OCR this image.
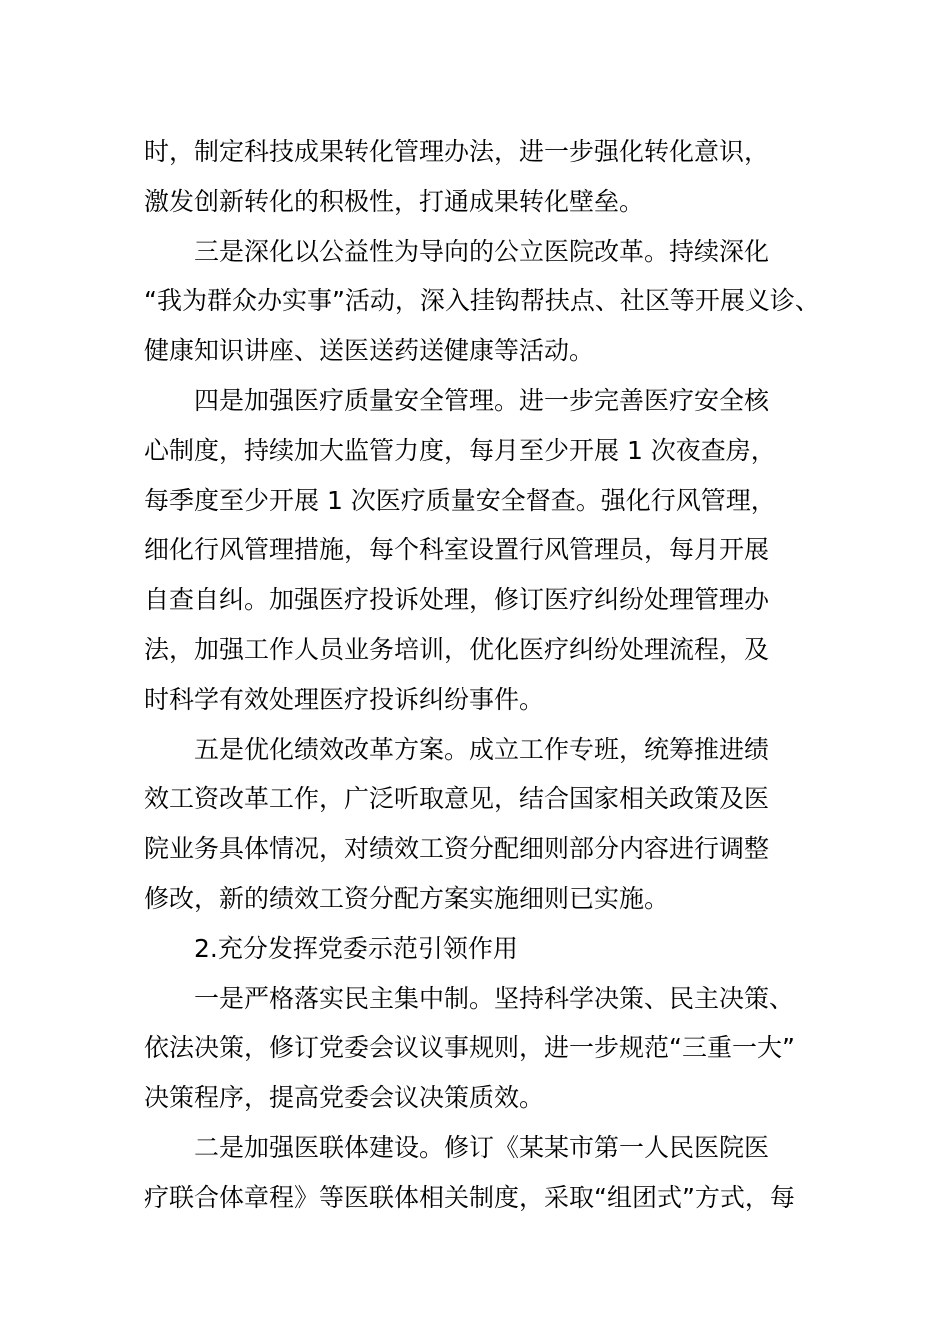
时，制定科技成果转化管理办法，进一步强化转化意识，
激发创新转化的积极性，打通成果转化壁垒。
三是深化以公益性为导向的公立医院改革。持续深化
“我为群众办实事”活动，深入挂钩帮扶点、社区等开展义诊、
健康知识讲座、送医送药送健康等活动。
四是加强医疗质量安全管理。进一步完善医疗安全核
心制度，持续加大监管力度，每月至少开展 1 次夜查房，
每季度至少开展 1 次医疗质量安全督查。强化行风管理，
细化行风管理措施，每个科室设置行风管理员，每月开展
自查自纠。加强医疗投诉处理，修订医疗纠纷处理管理办
法，加强工作人员业务培训，优化医疗纠纷处理流程，及
时科学有效处理医疗投诉纠纷事件。
五是优化绩效改革方案。成立工作专班，统筹推进绩
效工资改革工作，广泛听取意见，结合国家相关政策及医
院业务具体情况，对绩效工资分配细则部分内容进行调整
修改，新的绩效工资分配方案实施细则已实施。
2.充分发挥党委示范引领作用
一是严格落实民主集中制。坚持科学决策、民主决策、
依法决策，修订党委会议议事规则，进一步规范“三重一大”
决策程序，提高党委会议决策质效。
二是加强医联体建设。修订《某某市第一人民医院医
疗联合体章程》等医联体相关制度，采取“组团式”方式，每
